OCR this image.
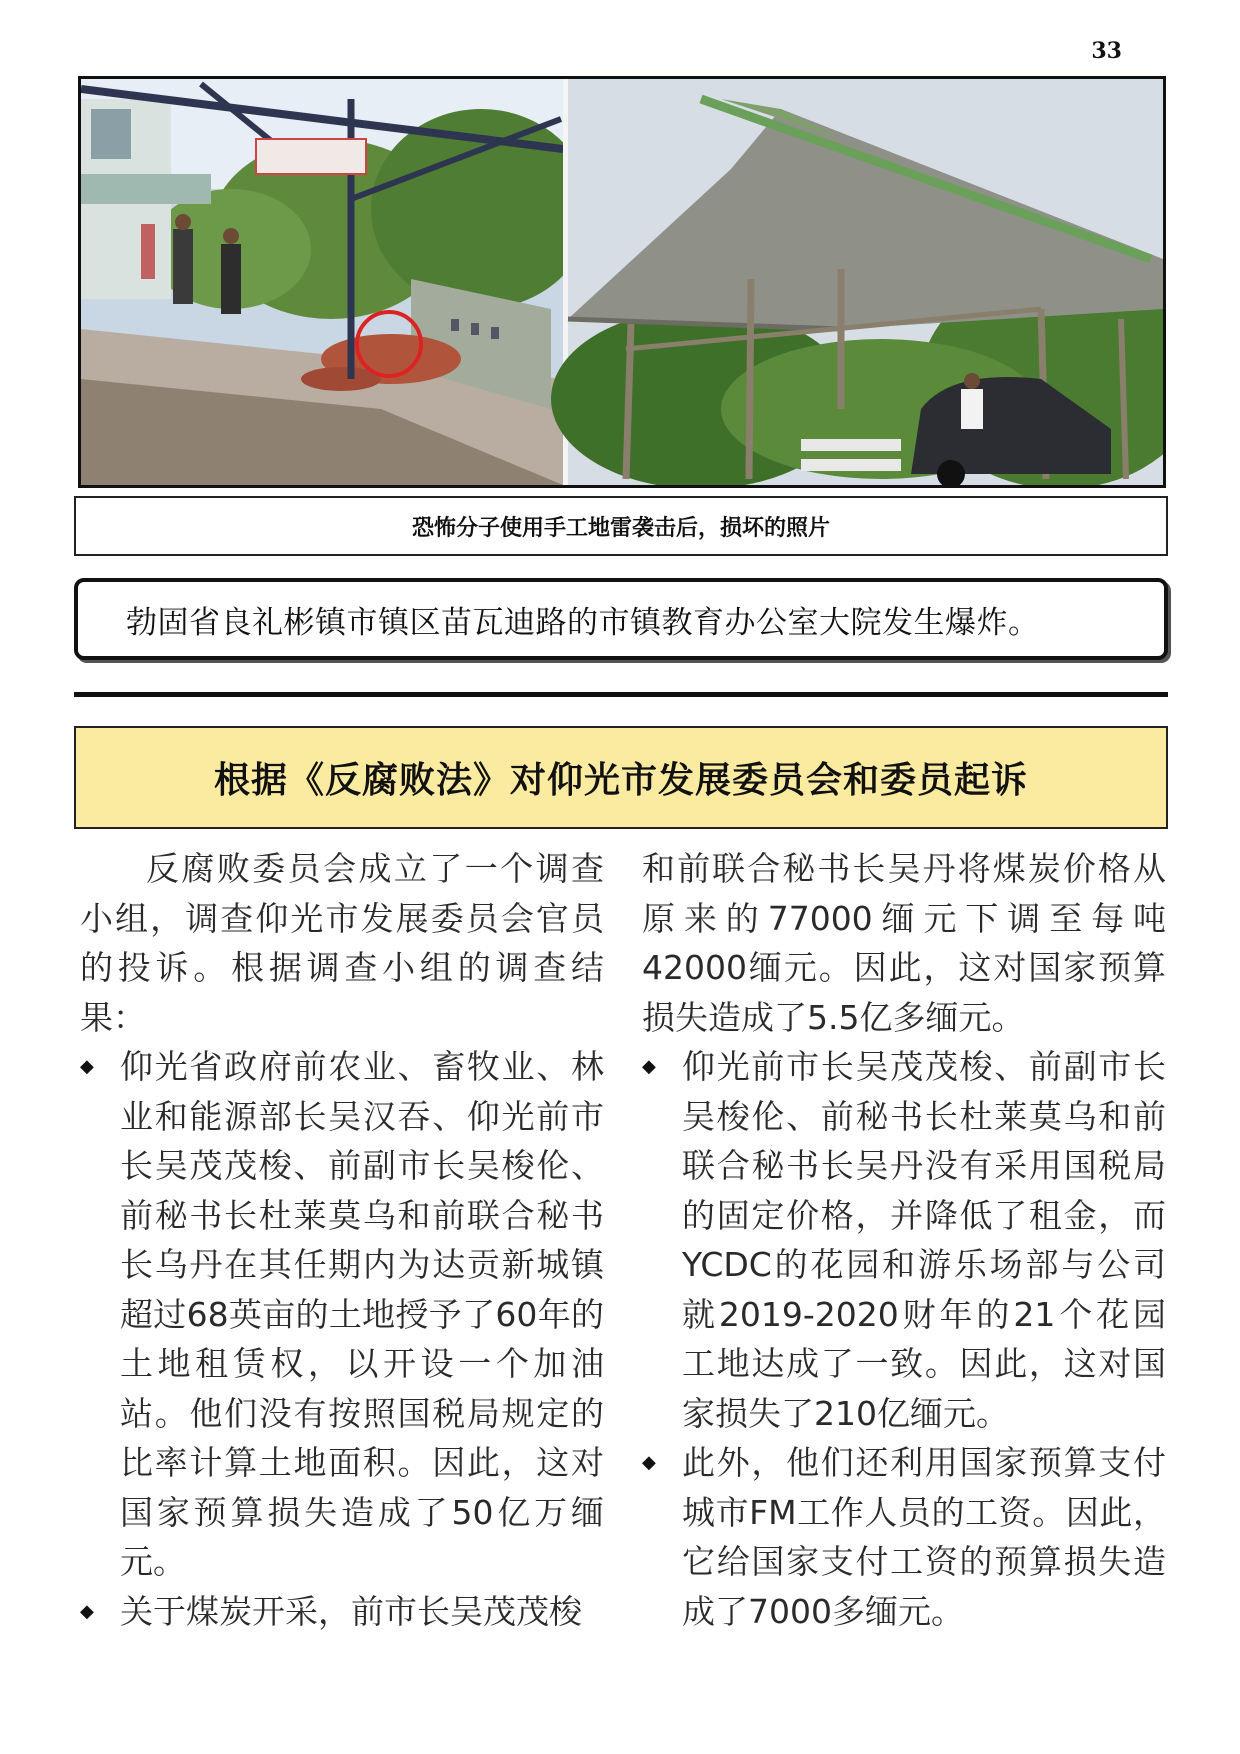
33
恐怖分子使用手工地雷袭击后，损坏的照片
勃固省良礼彬镇市镇区苗瓦迪路的市镇教育办公室大院发生爆炸。
根据《反腐败法》对仰光市发展委员会和委员起诉

反腐败委员会成立了一个调查小组，调查仰光市发展委员会官员的投诉。根据调查小组的调查结果：

◆ 仰光省政府前农业、畜牧业、林业和能源部长吴汉吞、仰光前市长吴茂茂梭、前副市长吴梭伦、前秘书长杜莱莫乌和前联合秘书长乌丹在其任期内为达贡新城镇超过68英亩的土地授予了60年的土地租赁权，以开设一个加油站。他们没有按照国税局规定的比率计算土地面积。因此，这对国家预算损失造成了50亿万缅元。

◆ 关于煤炭开采，前市长吴茂茂梭

和前联合秘书长吴丹将煤炭价格从原来的77000缅元下调至每吨42000缅元。因此，这对国家预算损失造成了5.5亿多缅元。

◆ 仰光前市长吴茂茂梭、前副市长吴梭伦、前秘书长杜莱莫乌和前联合秘书长吴丹没有采用国税局的固定价格，并降低了租金，而YCDC的花园和游乐场部与公司就2019-2020财年的21个花园工地达成了一致。因此，这对国家损失了210亿缅元。

◆ 此外，他们还利用国家预算支付城市FM工作人员的工资。因此，它给国家支付工资的预算损失造成了7000多缅元。
